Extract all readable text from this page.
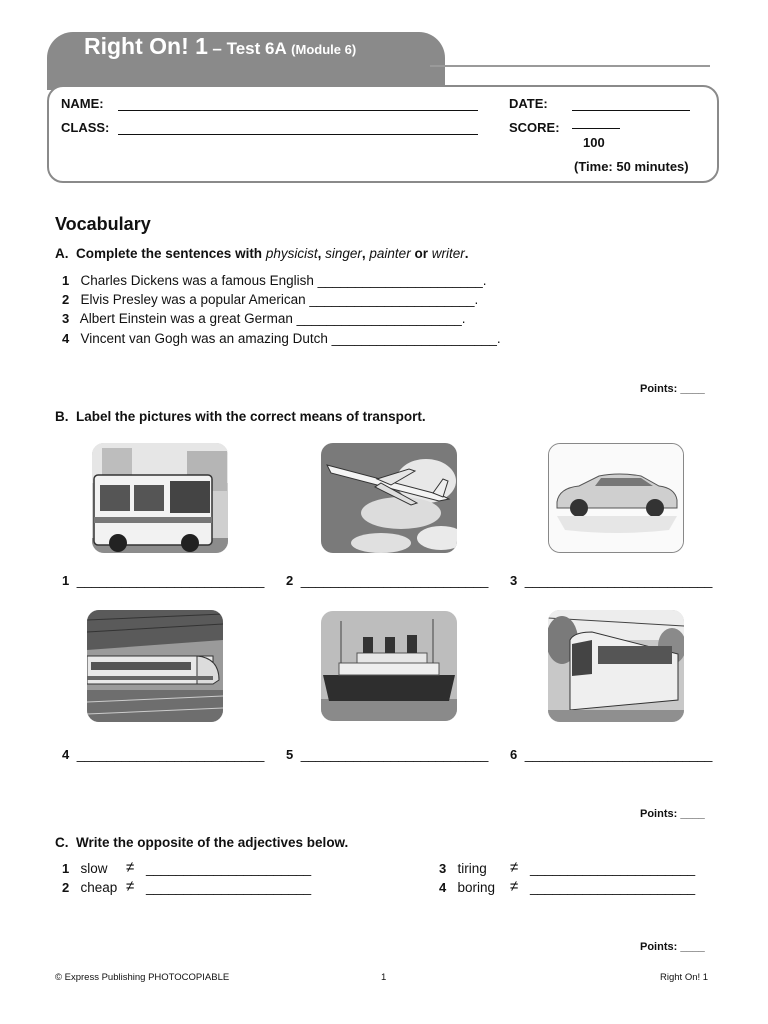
Right On! 1 – Test 6A (Module 6)
NAME:
CLASS:
DATE:
SCORE:
100
(Time: 50 minutes)
Vocabulary
A. Complete the sentences with physicist, singer, painter or writer.
1 Charles Dickens was a famous English ______________________.
2 Elvis Presley was a popular American ______________________.
3 Albert Einstein was a great German ______________________.
4 Vincent van Gogh was an amazing Dutch ______________________.
Points: ____
B. Label the pictures with the correct means of transport.
1  _________________________ 2  _________________________ 3  _________________________
4  _________________________ 5  _________________________ 6  _________________________
Points: ____
C. Write the opposite of the adjectives below.
1 slow ≠ ______________________
2 cheap ≠ ______________________
3 tiring ≠ ______________________
4 boring ≠ ______________________
Points: ____
© Express Publishing PHOTOCOPIABLE	1	Right On! 1
